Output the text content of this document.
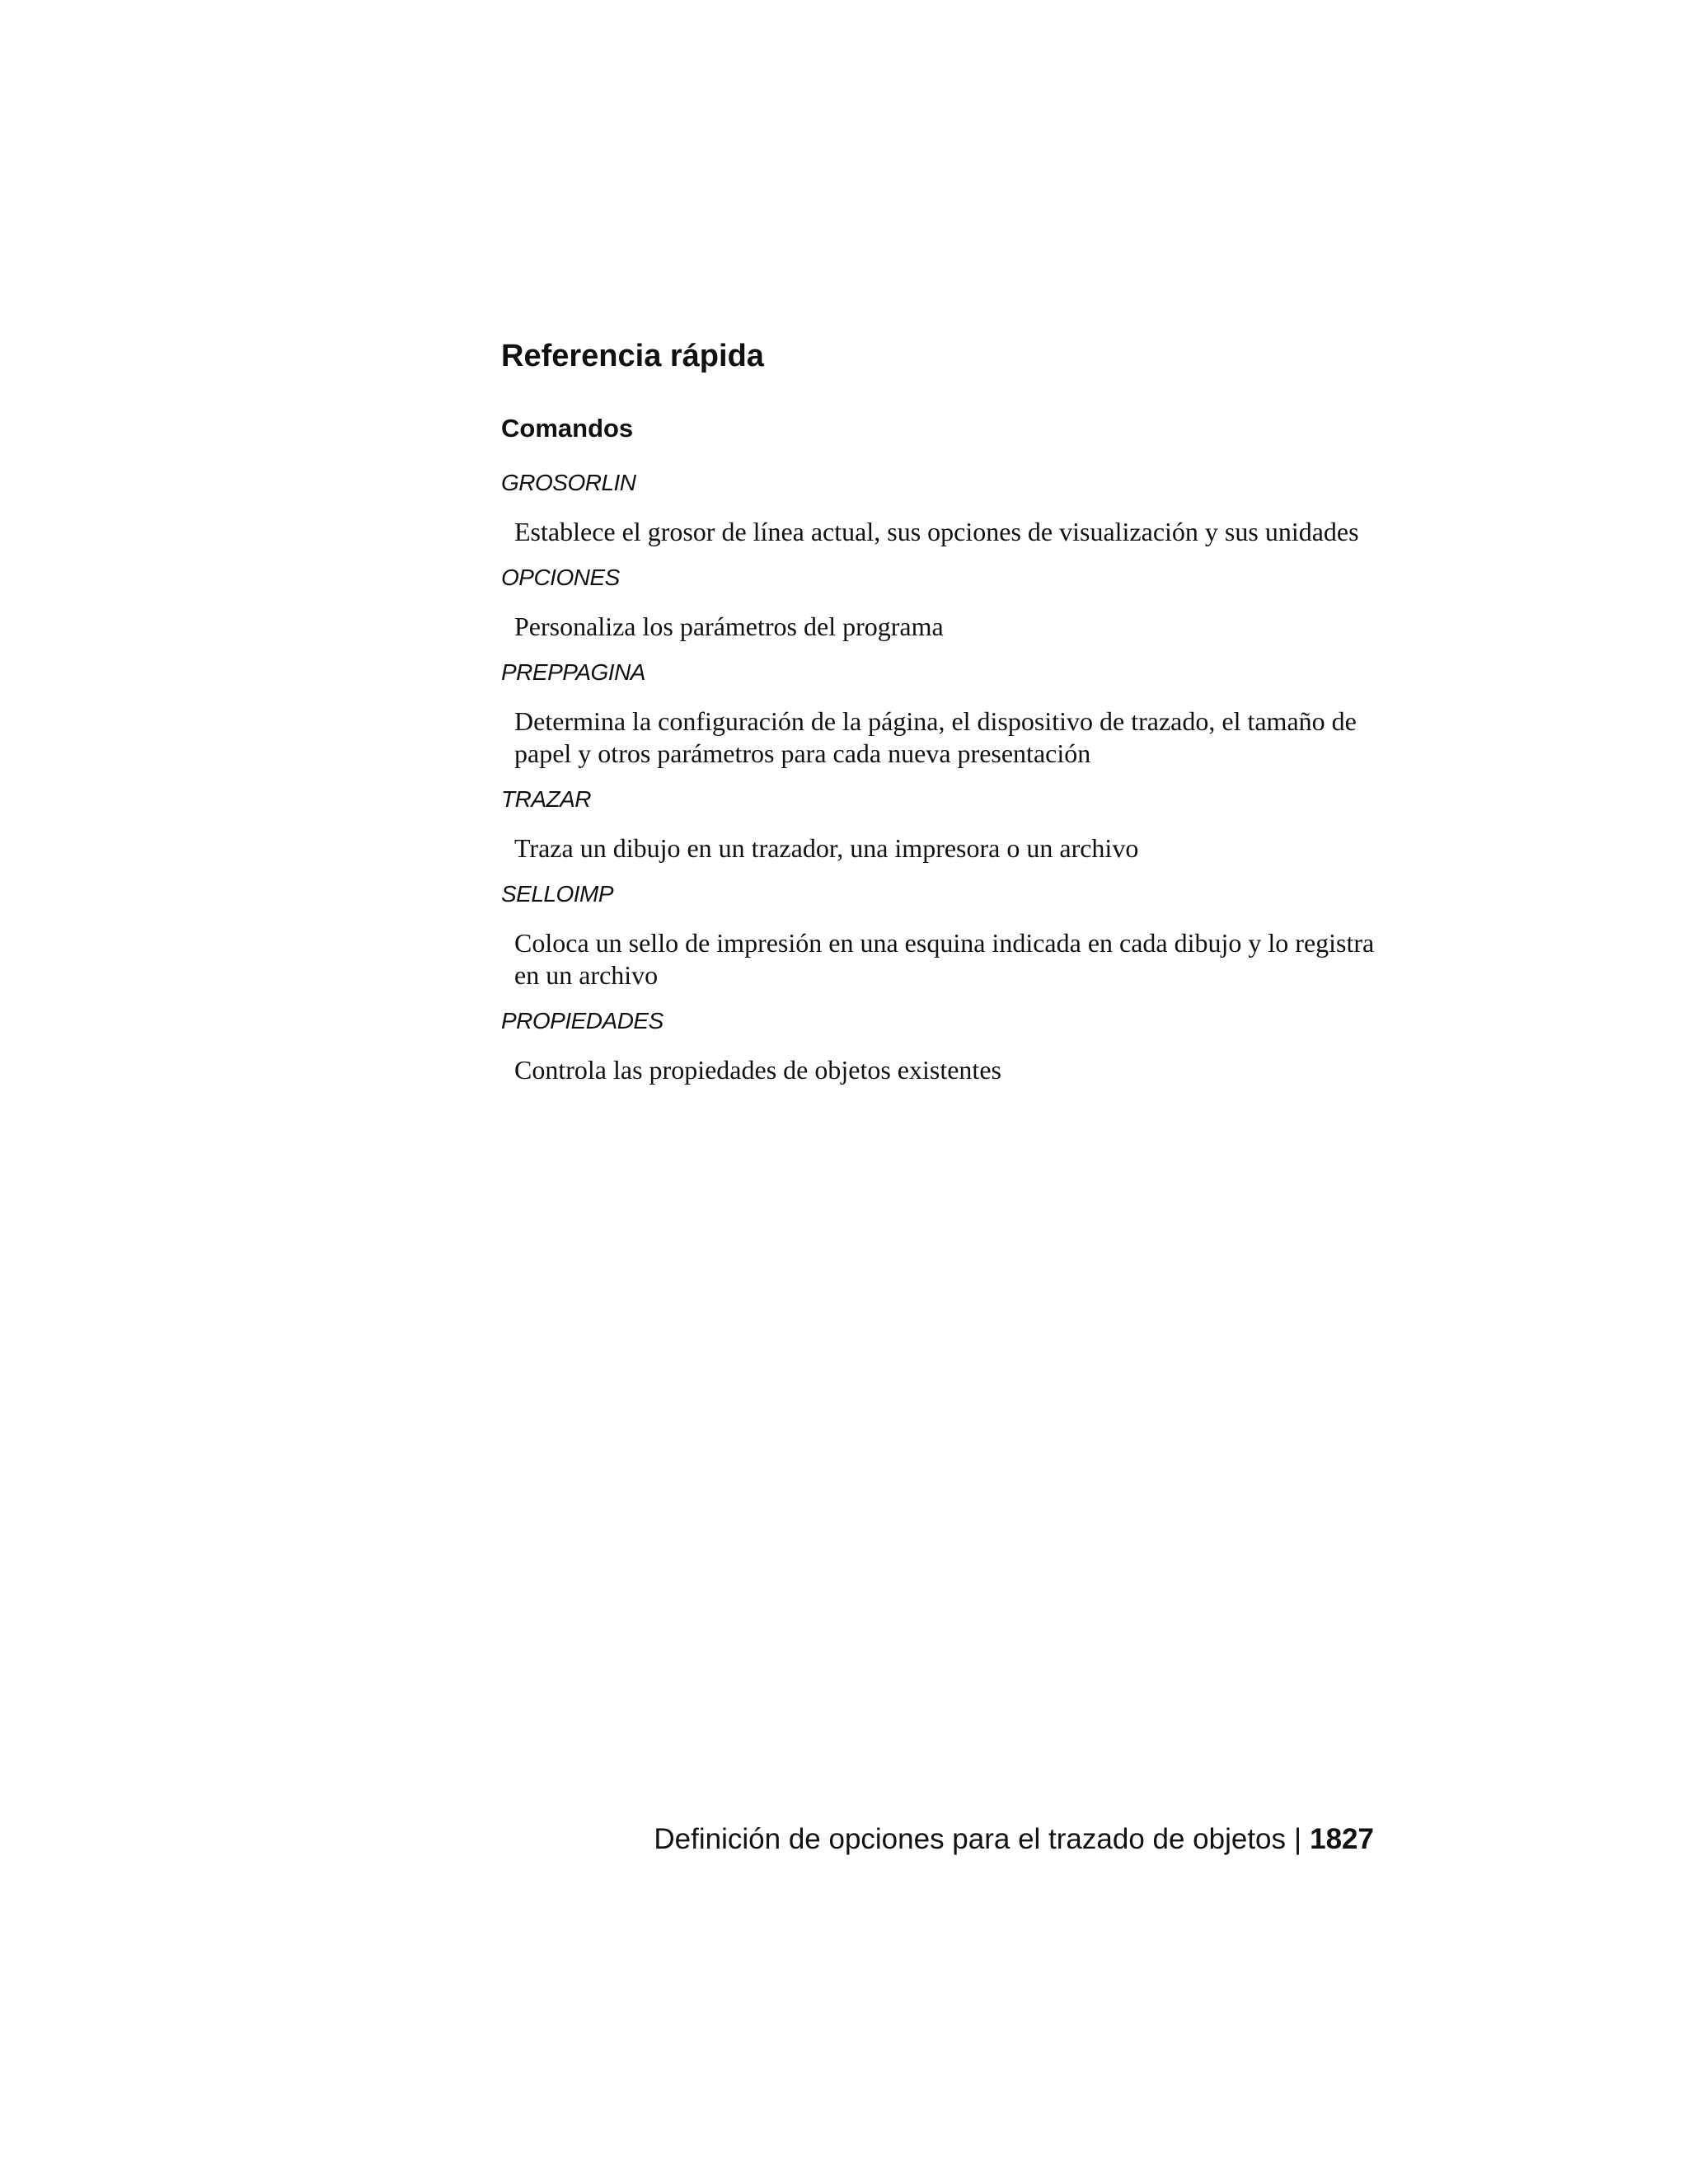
Referencia rápida
Comandos
GROSORLIN

Establece el grosor de línea actual, sus opciones de visualización y sus unidades

OPCIONES

Personaliza los parámetros del programa

PREPPAGINA

Determina la configuración de la página, el dispositivo de trazado, el tamaño de papel y otros parámetros para cada nueva presentación

TRAZAR

Traza un dibujo en un trazador, una impresora o un archivo

SELLOIMP

Coloca un sello de impresión en una esquina indicada en cada dibujo y lo registra en un archivo

PROPIEDADES

Controla las propiedades de objetos existentes

Definición de opciones para el trazado de objetos | 1827
